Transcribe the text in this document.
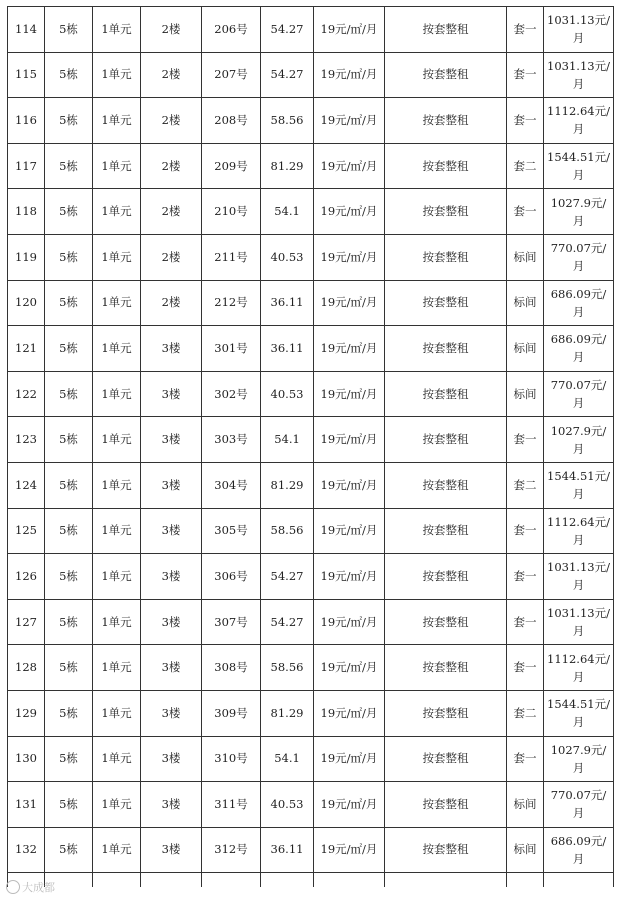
114	5栋	1单元	2楼	206号	54.27	19元/㎡/月	按套整租	套一	1031.13元/
月

115	5栋	1单元	2楼	207号	54.27	19元/㎡/月	按套整租	套一	1031.13元/
月

116	5栋	1单元	2楼	208号	58.56	19元/㎡/月	按套整租	套一	1112.64元/
月

117	5栋	1单元	2楼	209号	81.29	19元/㎡/月	按套整租	套二	1544.51元/
月

118	5栋	1单元	2楼	210号	54.1	19元/㎡/月	按套整租	套一	1027.9元/
月

119	5栋	1单元	2楼	211号	40.53	19元/㎡/月	按套整租	标间	770.07元/
月

120	5栋	1单元	2楼	212号	36.11	19元/㎡/月	按套整租	标间	686.09元/
月

121	5栋	1单元	3楼	301号	36.11	19元/㎡/月	按套整租	标间	686.09元/
月

122	5栋	1单元	3楼	302号	40.53	19元/㎡/月	按套整租	标间	770.07元/
月

123	5栋	1单元	3楼	303号	54.1	19元/㎡/月	按套整租	套一	1027.9元/
月

124	5栋	1单元	3楼	304号	81.29	19元/㎡/月	按套整租	套二	1544.51元/
月

125	5栋	1单元	3楼	305号	58.56	19元/㎡/月	按套整租	套一	1112.64元/
月

126	5栋	1单元	3楼	306号	54.27	19元/㎡/月	按套整租	套一	1031.13元/
月

127	5栋	1单元	3楼	307号	54.27	19元/㎡/月	按套整租	套一	1031.13元/
月

128	5栋	1单元	3楼	308号	58.56	19元/㎡/月	按套整租	套一	1112.64元/
月

129	5栋	1单元	3楼	309号	81.29	19元/㎡/月	按套整租	套二	1544.51元/
月

130	5栋	1单元	3楼	310号	54.1	19元/㎡/月	按套整租	套一	1027.9元/
月

131	5栋	1单元	3楼	311号	40.53	19元/㎡/月	按套整租	标间	770.07元/
月

132	5栋	1单元	3楼	312号	36.11	19元/㎡/月	按套整租	标间	686.09元/
月

大成都
